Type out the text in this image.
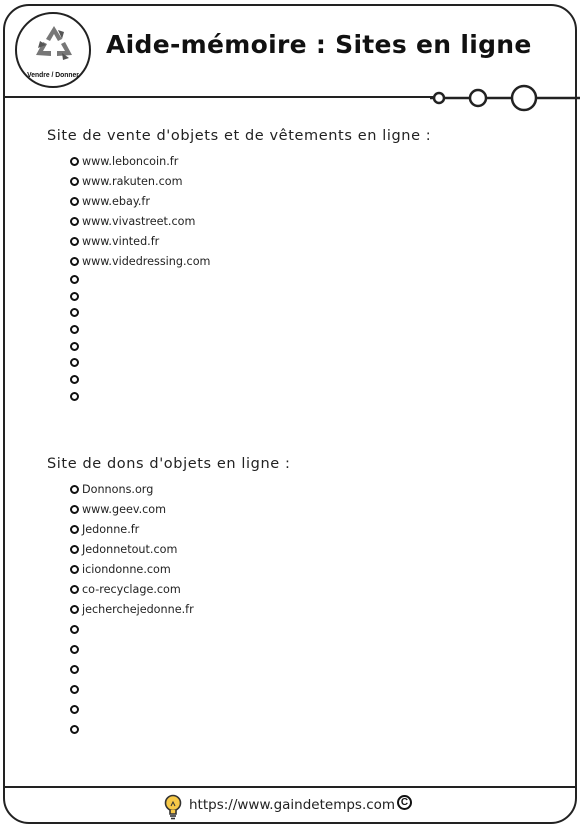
Vendre / Donner
Aide-mémoire : Sites en ligne
Site de vente d'objets et de vêtements en ligne :
www.leboncoin.fr
www.rakuten.com
www.ebay.fr
www.vivastreet.com
www.vinted.fr
www.videdressing.com
Site de dons d'objets en ligne :
Donnons.org
www.geev.com
Jedonne.fr
Jedonnetout.com
iciondonne.com
co-recyclage.com
jecherchejedonne.fr
https://www.gaindetemps.com C
